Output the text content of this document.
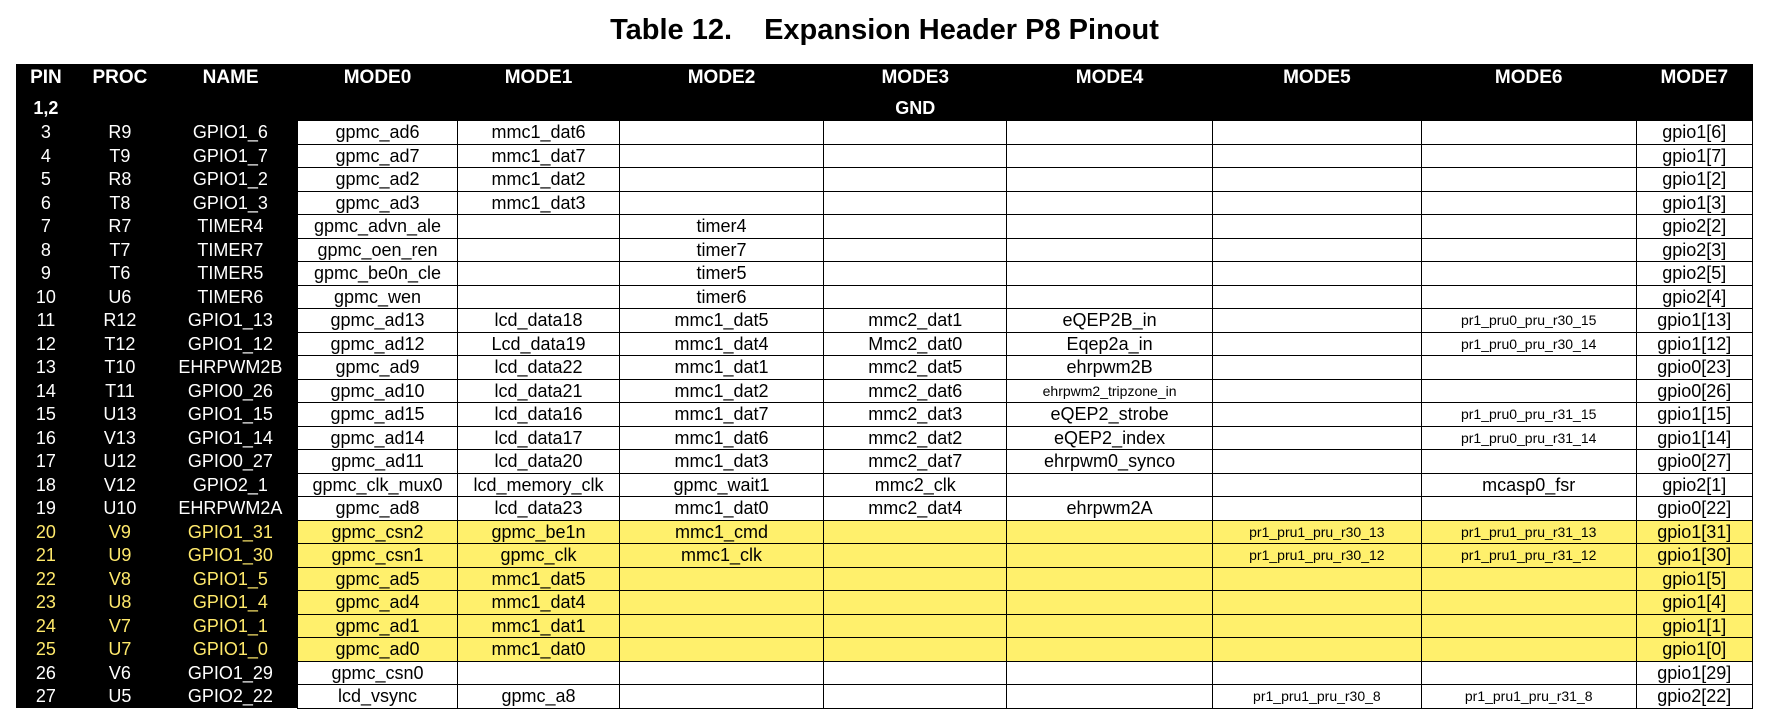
Table 12. Expansion Header P8 Pinout
PIN	PROC	NAME	MODE0	MODE1	MODE2	MODE3	MODE4	MODE5	MODE6	MODE7
1,2						GND				
3	R9	GPIO1_6	gpmc_ad6	mmc1_dat6						gpio1[6]
4	T9	GPIO1_7	gpmc_ad7	mmc1_dat7						gpio1[7]
5	R8	GPIO1_2	gpmc_ad2	mmc1_dat2						gpio1[2]
6	T8	GPIO1_3	gpmc_ad3	mmc1_dat3						gpio1[3]
7	R7	TIMER4	gpmc_advn_ale		timer4					gpio2[2]
8	T7	TIMER7	gpmc_oen_ren		timer7					gpio2[3]
9	T6	TIMER5	gpmc_be0n_cle		timer5					gpio2[5]
10	U6	TIMER6	gpmc_wen		timer6					gpio2[4]
11	R12	GPIO1_13	gpmc_ad13	lcd_data18	mmc1_dat5	mmc2_dat1	eQEP2B_in		pr1_pru0_pru_r30_15	gpio1[13]
12	T12	GPIO1_12	gpmc_ad12	Lcd_data19	mmc1_dat4	Mmc2_dat0	Eqep2a_in		pr1_pru0_pru_r30_14	gpio1[12]
13	T10	EHRPWM2B	gpmc_ad9	lcd_data22	mmc1_dat1	mmc2_dat5	ehrpwm2B			gpio0[23]
14	T11	GPIO0_26	gpmc_ad10	lcd_data21	mmc1_dat2	mmc2_dat6	ehrpwm2_tripzone_in			gpio0[26]
15	U13	GPIO1_15	gpmc_ad15	lcd_data16	mmc1_dat7	mmc2_dat3	eQEP2_strobe		pr1_pru0_pru_r31_15	gpio1[15]
16	V13	GPIO1_14	gpmc_ad14	lcd_data17	mmc1_dat6	mmc2_dat2	eQEP2_index		pr1_pru0_pru_r31_14	gpio1[14]
17	U12	GPIO0_27	gpmc_ad11	lcd_data20	mmc1_dat3	mmc2_dat7	ehrpwm0_synco			gpio0[27]
18	V12	GPIO2_1	gpmc_clk_mux0	lcd_memory_clk	gpmc_wait1	mmc2_clk			mcasp0_fsr	gpio2[1]
19	U10	EHRPWM2A	gpmc_ad8	lcd_data23	mmc1_dat0	mmc2_dat4	ehrpwm2A			gpio0[22]
20	V9	GPIO1_31	gpmc_csn2	gpmc_be1n	mmc1_cmd			pr1_pru1_pru_r30_13	pr1_pru1_pru_r31_13	gpio1[31]
21	U9	GPIO1_30	gpmc_csn1	gpmc_clk	mmc1_clk			pr1_pru1_pru_r30_12	pr1_pru1_pru_r31_12	gpio1[30]
22	V8	GPIO1_5	gpmc_ad5	mmc1_dat5						gpio1[5]
23	U8	GPIO1_4	gpmc_ad4	mmc1_dat4						gpio1[4]
24	V7	GPIO1_1	gpmc_ad1	mmc1_dat1						gpio1[1]
25	U7	GPIO1_0	gpmc_ad0	mmc1_dat0						gpio1[0]
26	V6	GPIO1_29	gpmc_csn0							gpio1[29]
27	U5	GPIO2_22	lcd_vsync	gpmc_a8				pr1_pru1_pru_r30_8	pr1_pru1_pru_r31_8	gpio2[22]
